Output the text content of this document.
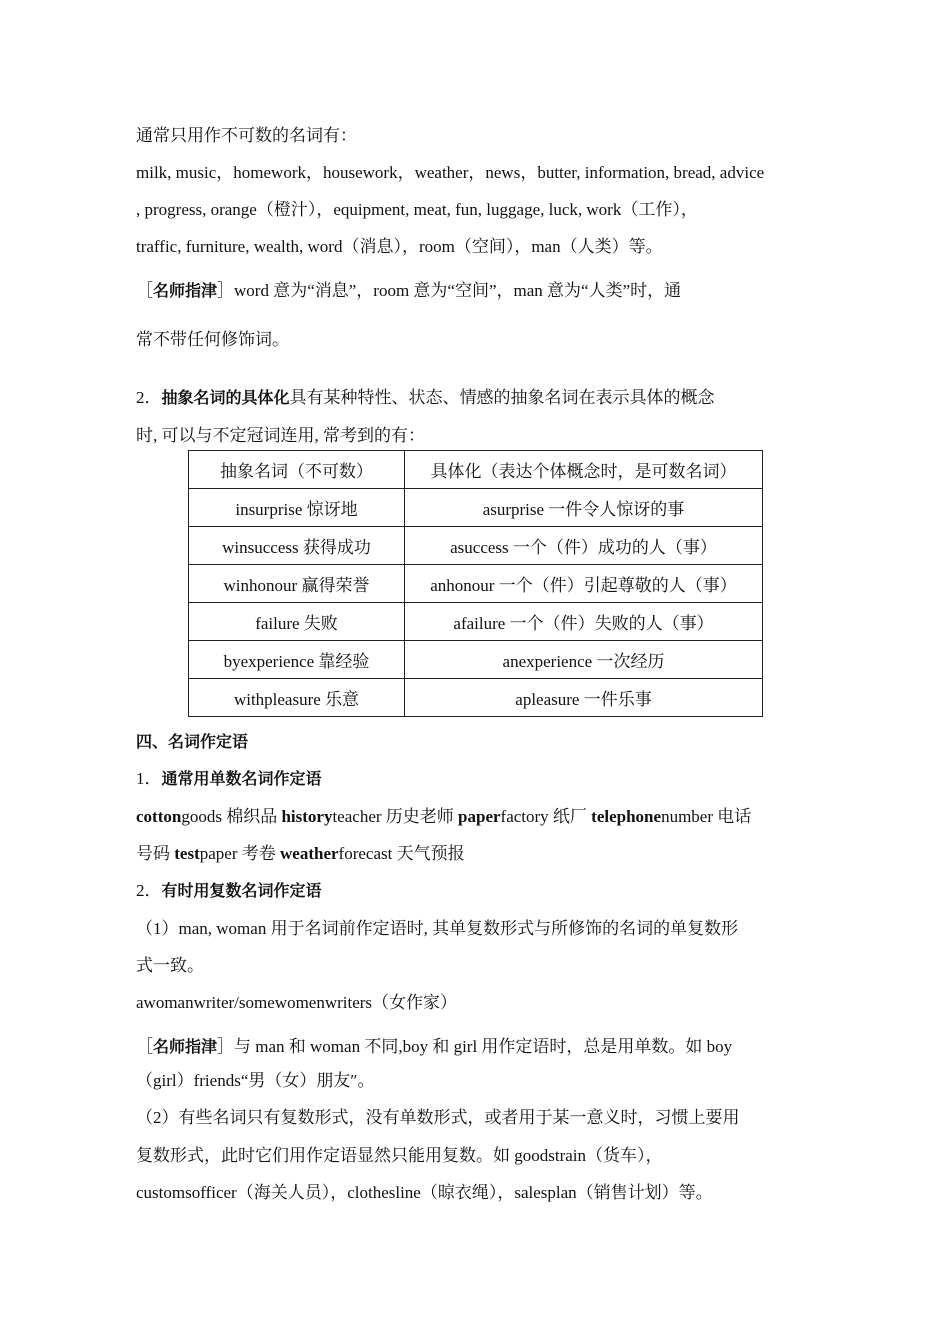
通常只用作不可数的名词有：
milk, music，homework，housework，weather，news，butter, information, bread, advice
, progress, orange（橙汁），equipment, meat, fun, luggage, luck, work（工作），
traffic, furniture, wealth, word（消息），room（空间），man（人类）等。
［名师指津］word 意为“消息”，room 意为“空间”，man 意为“人类”时，通
常不带任何修饰词。
2．抽象名词的具体化具有某种特性、状态、情感的抽象名词在表示具体的概念
时, 可以与不定冠词连用, 常考到的有：
抽象名词（不可数）	具体化（表达个体概念时，是可数名词）
insurprise 惊讶地	asurprise 一件令人惊讶的事
winsuccess 获得成功	asuccess 一个（件）成功的人（事）
winhonour 赢得荣誉	anhonour 一个（件）引起尊敬的人（事）
failure 失败	afailure 一个（件）失败的人（事）
byexperience 靠经验	anexperience 一次经历
withpleasure 乐意	apleasure 一件乐事
四、名词作定语
1．通常用单数名词作定语
cottongoods 棉织品 historyteacher 历史老师 paperfactory 纸厂 telephonenumber 电话
号码 testpaper 考卷 weatherforecast 天气预报
2．有时用复数名词作定语
（1）man, woman 用于名词前作定语时, 其单复数形式与所修饰的名词的单复数形
式一致。
awomanwriter/somewomenwriters（女作家）
［名师指津］与 man 和 woman 不同,boy 和 girl 用作定语时，总是用单数。如 boy
（girl）friends“男（女）朋友″。
（2）有些名词只有复数形式，没有单数形式，或者用于某一意义时，习惯上要用
复数形式，此时它们用作定语显然只能用复数。如 goodstrain（货车），
customsofficer（海关人员），clothesline（晾衣绳），salesplan（销售计划）等。
